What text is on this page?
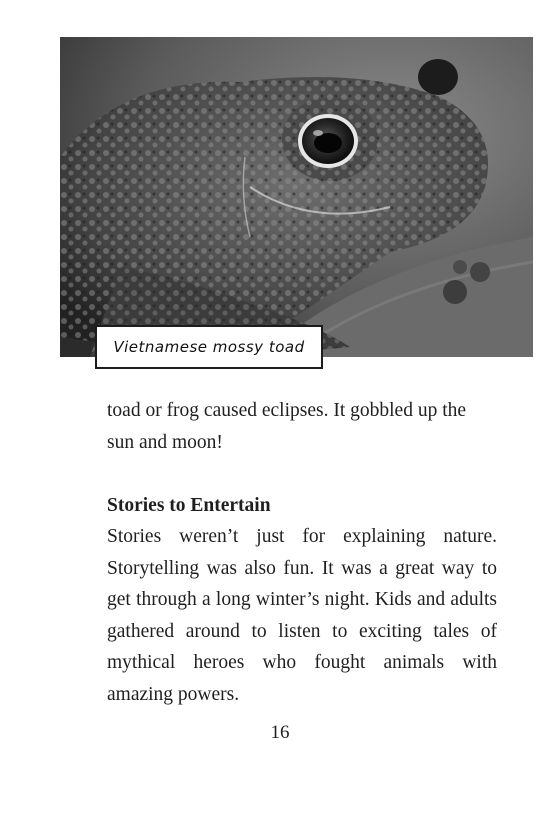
Vietnamese mossy toad
toad or frog caused eclipses. It gobbled up the sun and moon!
Stories to Entertain
Stories weren’t just for explaining nature. Storytelling was also fun. It was a great way to get through a long winter’s night. Kids and adults gathered around to listen to exciting tales of mythical heroes who fought animals with amazing powers.
16
